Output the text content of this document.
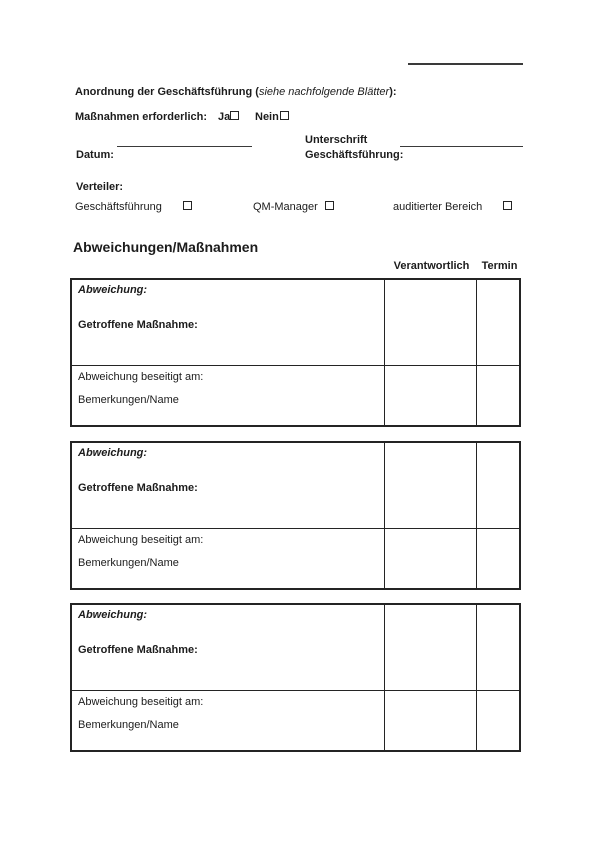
Anordnung der Geschäftsführung (siehe nachfolgende Blätter):

Maßnahmen erforderlich: Ja Nein

Unterschrift

Geschäftsführung:

Datum:

Verteiler:

Geschäftsführung	QM-Manager	auditierter Bereich

Abweichungen/Maßnahmen

Verantwortlich	Termin
Abweichung:
Getroffene Maßnahme:
Abweichung beseitigt am:
Bemerkungen/Name
Abweichung:
Getroffene Maßnahme:
Abweichung beseitigt am:
Bemerkungen/Name
Abweichung:
Getroffene Maßnahme:
Abweichung beseitigt am:
Bemerkungen/Name
